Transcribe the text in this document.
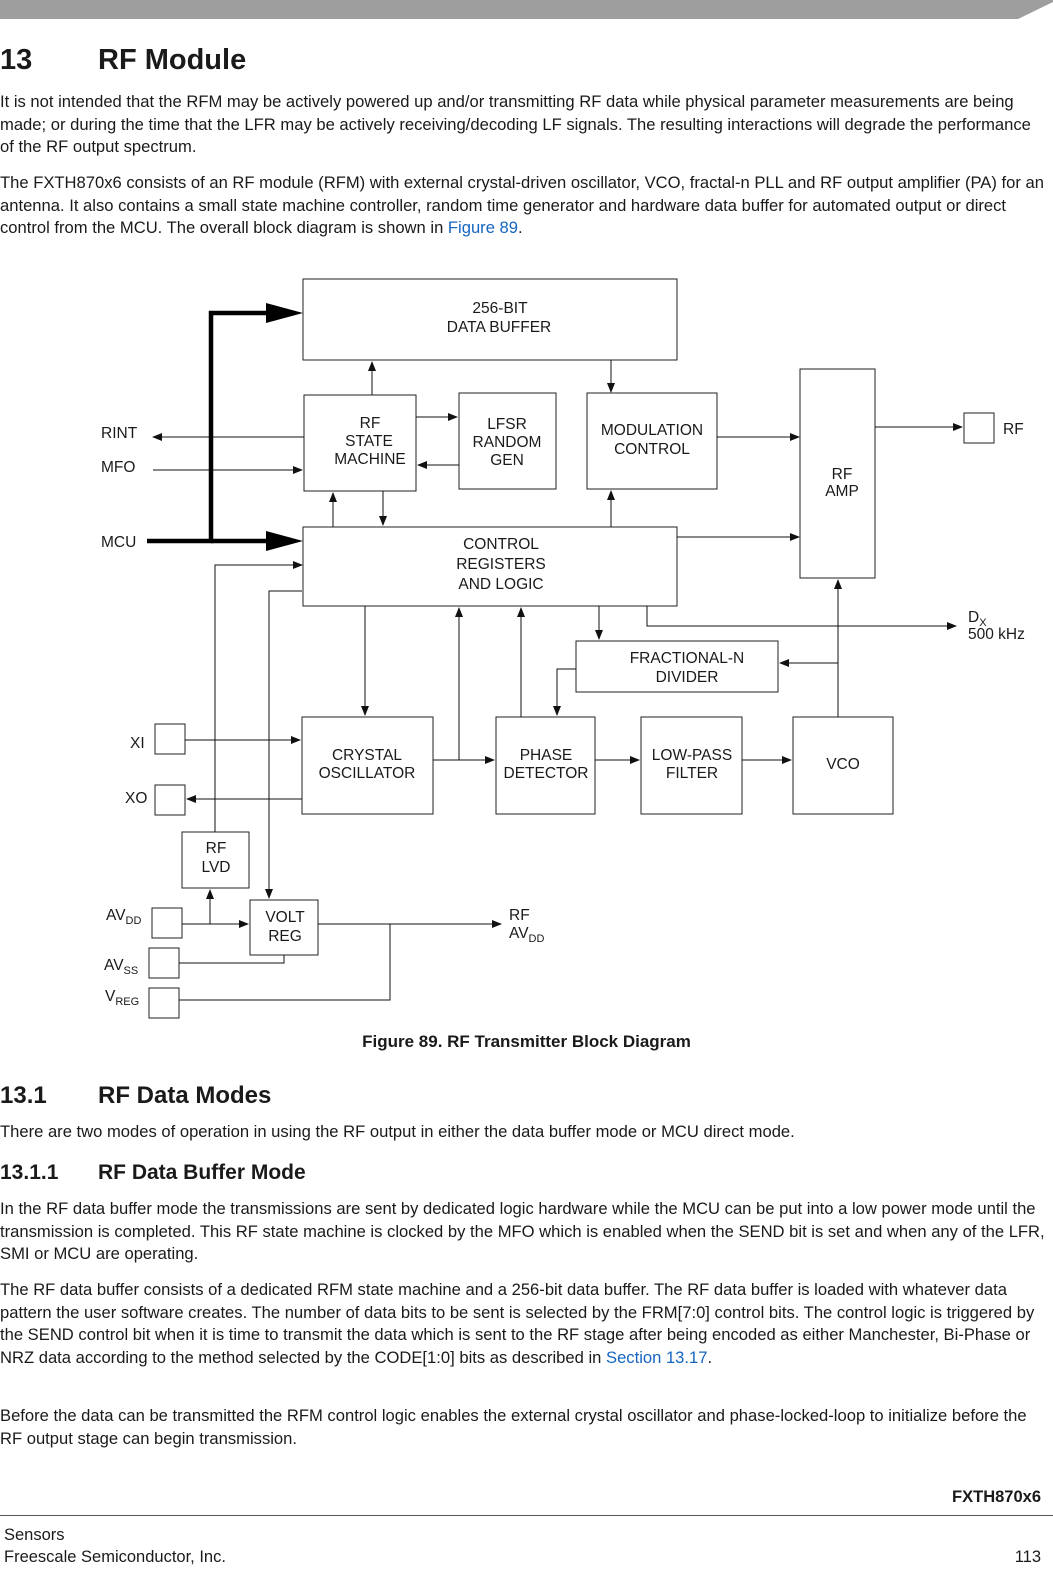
13 RF Module

It is not intended that the RFM may be actively powered up and/or transmitting RF data while physical parameter measurements are being made; or during the time that the LFR may be actively receiving/decoding LF signals. The resulting interactions will degrade the performance of the RF output spectrum.

The FXTH870x6 consists of an RF module (RFM) with external crystal-driven oscillator, VCO, fractal-n PLL and RF output amplifier (PA) for an antenna. It also contains a small state machine controller, random time generator and hardware data buffer for automated output or direct control from the MCU. The overall block diagram is shown in Figure 89.

256-BIT
DATA BUFFER
RF
STATE
MACHINE
LFSR
RANDOM
GEN
MODULATION
CONTROL
RF
AMP
CONTROL
REGISTERS
AND LOGIC
FRACTIONAL-N
DIVIDER
CRYSTAL
OSCILLATOR
PHASE
DETECTOR
LOW-PASS
FILTER
VCO
RF
LVD
VOLT
REG
RINT
MFO
MCU
XI
XO
RF
$D_X$
500 kHz
$AV_{DD}$
$AV_{SS}$
$V_{REG}$
RF
$AV_{DD}$
Figure 89. RF Transmitter Block Diagram
13.1 RF Data Modes

There are two modes of operation in using the RF output in either the data buffer mode or MCU direct mode.

13.1.1 RF Data Buffer Mode

In the RF data buffer mode the transmissions are sent by dedicated logic hardware while the MCU can be put into a low power mode until the transmission is completed. This RF state machine is clocked by the MFO which is enabled when the SEND bit is set and when any of the LFR, SMI or MCU are operating.

The RF data buffer consists of a dedicated RFM state machine and a 256-bit data buffer. The RF data buffer is loaded with whatever data pattern the user software creates. The number of data bits to be sent is selected by the FRM[7:0] control bits. The control logic is triggered by the SEND control bit when it is time to transmit the data which is sent to the RF stage after being encoded as either Manchester, Bi-Phase or NRZ data according to the method selected by the CODE[1:0] bits as described in Section 13.17.

Before the data can be transmitted the RFM control logic enables the external crystal oscillator and phase-locked-loop to initialize before the RF output stage can begin transmission.

FXTH870x6
Sensors
Freescale Semiconductor, Inc.	113
